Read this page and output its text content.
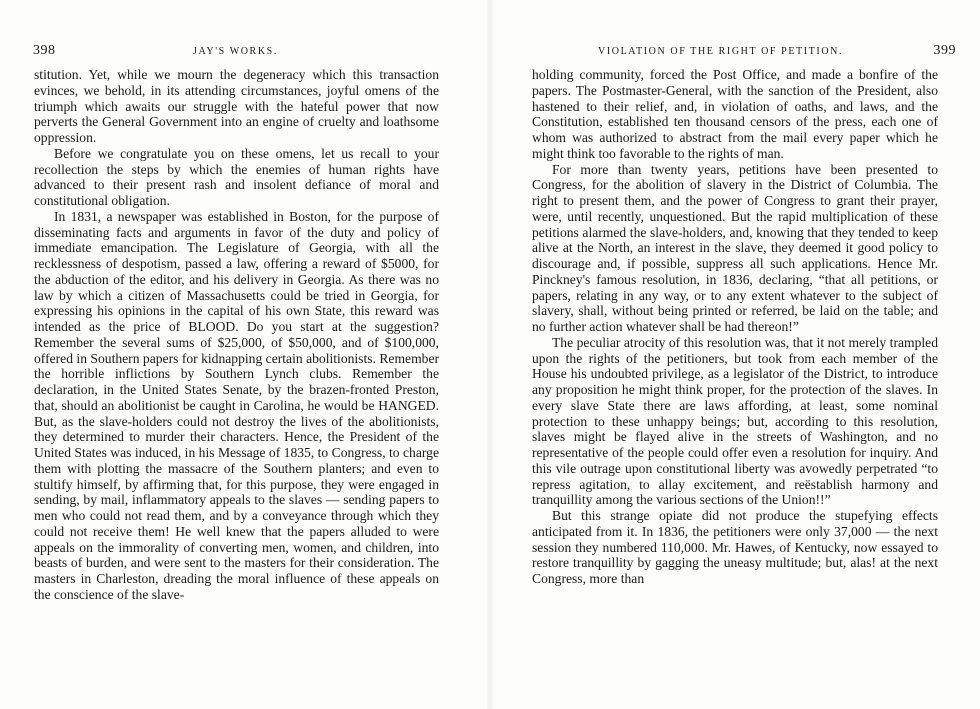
398	JAY'S WORKS.

stitution. Yet, while we mourn the degeneracy which this transaction evinces, we behold, in its attending circumstances, joyful omens of the triumph which awaits our struggle with the hateful power that now perverts the General Government into an engine of cruelty and loathsome oppression.

Before we congratulate you on these omens, let us recall to your recollection the steps by which the enemies of human rights have advanced to their present rash and insolent defiance of moral and constitutional obligation.

In 1831, a newspaper was established in Boston, for the purpose of disseminating facts and arguments in favor of the duty and policy of immediate emancipation. The Legislature of Georgia, with all the recklessness of despotism, passed a law, offering a reward of $5000, for the abduction of the editor, and his delivery in Georgia. As there was no law by which a citizen of Massachusetts could be tried in Georgia, for expressing his opinions in the capital of his own State, this reward was intended as the price of BLOOD. Do you start at the suggestion? Remember the several sums of $25,000, of $50,000, and of $100,000, offered in Southern papers for kidnapping certain abolitionists. Remember the horrible inflictions by Southern Lynch clubs. Remember the declaration, in the United States Senate, by the brazen-fronted Preston, that, should an abolitionist be caught in Carolina, he would be HANGED. But, as the slave-holders could not destroy the lives of the abolitionists, they determined to murder their characters. Hence, the President of the United States was induced, in his Message of 1835, to Congress, to charge them with plotting the massacre of the Southern planters; and even to stultify himself, by affirming that, for this purpose, they were engaged in sending, by mail, inflammatory appeals to the slaves — sending papers to men who could not read them, and by a conveyance through which they could not receive them! He well knew that the papers alluded to were appeals on the immorality of converting men, women, and children, into beasts of burden, and were sent to the masters for their consideration. The masters in Charleston, dreading the moral influence of these appeals on the conscience of the slave-

VIOLATION OF THE RIGHT OF PETITION.	399

holding community, forced the Post Office, and made a bonfire of the papers. The Postmaster-General, with the sanction of the President, also hastened to their relief, and, in violation of oaths, and laws, and the Constitution, established ten thousand censors of the press, each one of whom was authorized to abstract from the mail every paper which he might think too favorable to the rights of man.

For more than twenty years, petitions have been presented to Congress, for the abolition of slavery in the District of Columbia. The right to present them, and the power of Congress to grant their prayer, were, until recently, unquestioned. But the rapid multiplication of these petitions alarmed the slave-holders, and, knowing that they tended to keep alive at the North, an interest in the slave, they deemed it good policy to discourage and, if possible, suppress all such applications. Hence Mr. Pinckney's famous resolution, in 1836, declaring, “that all petitions, or papers, relating in any way, or to any extent whatever to the subject of slavery, shall, without being printed or referred, be laid on the table; and no further action whatever shall be had thereon!”

The peculiar atrocity of this resolution was, that it not merely trampled upon the rights of the petitioners, but took from each member of the House his undoubted privilege, as a legislator of the District, to introduce any proposition he might think proper, for the protection of the slaves. In every slave State there are laws affording, at least, some nominal protection to these unhappy beings; but, according to this resolution, slaves might be flayed alive in the streets of Washington, and no representative of the people could offer even a resolution for inquiry. And this vile outrage upon constitutional liberty was avowedly perpetrated “to repress agitation, to allay excitement, and reëstablish harmony and tranquillity among the various sections of the Union!!”

But this strange opiate did not produce the stupefying effects anticipated from it. In 1836, the petitioners were only 37,000 — the next session they numbered 110,000. Mr. Hawes, of Kentucky, now essayed to restore tranquillity by gagging the uneasy multitude; but, alas! at the next Congress, more than
